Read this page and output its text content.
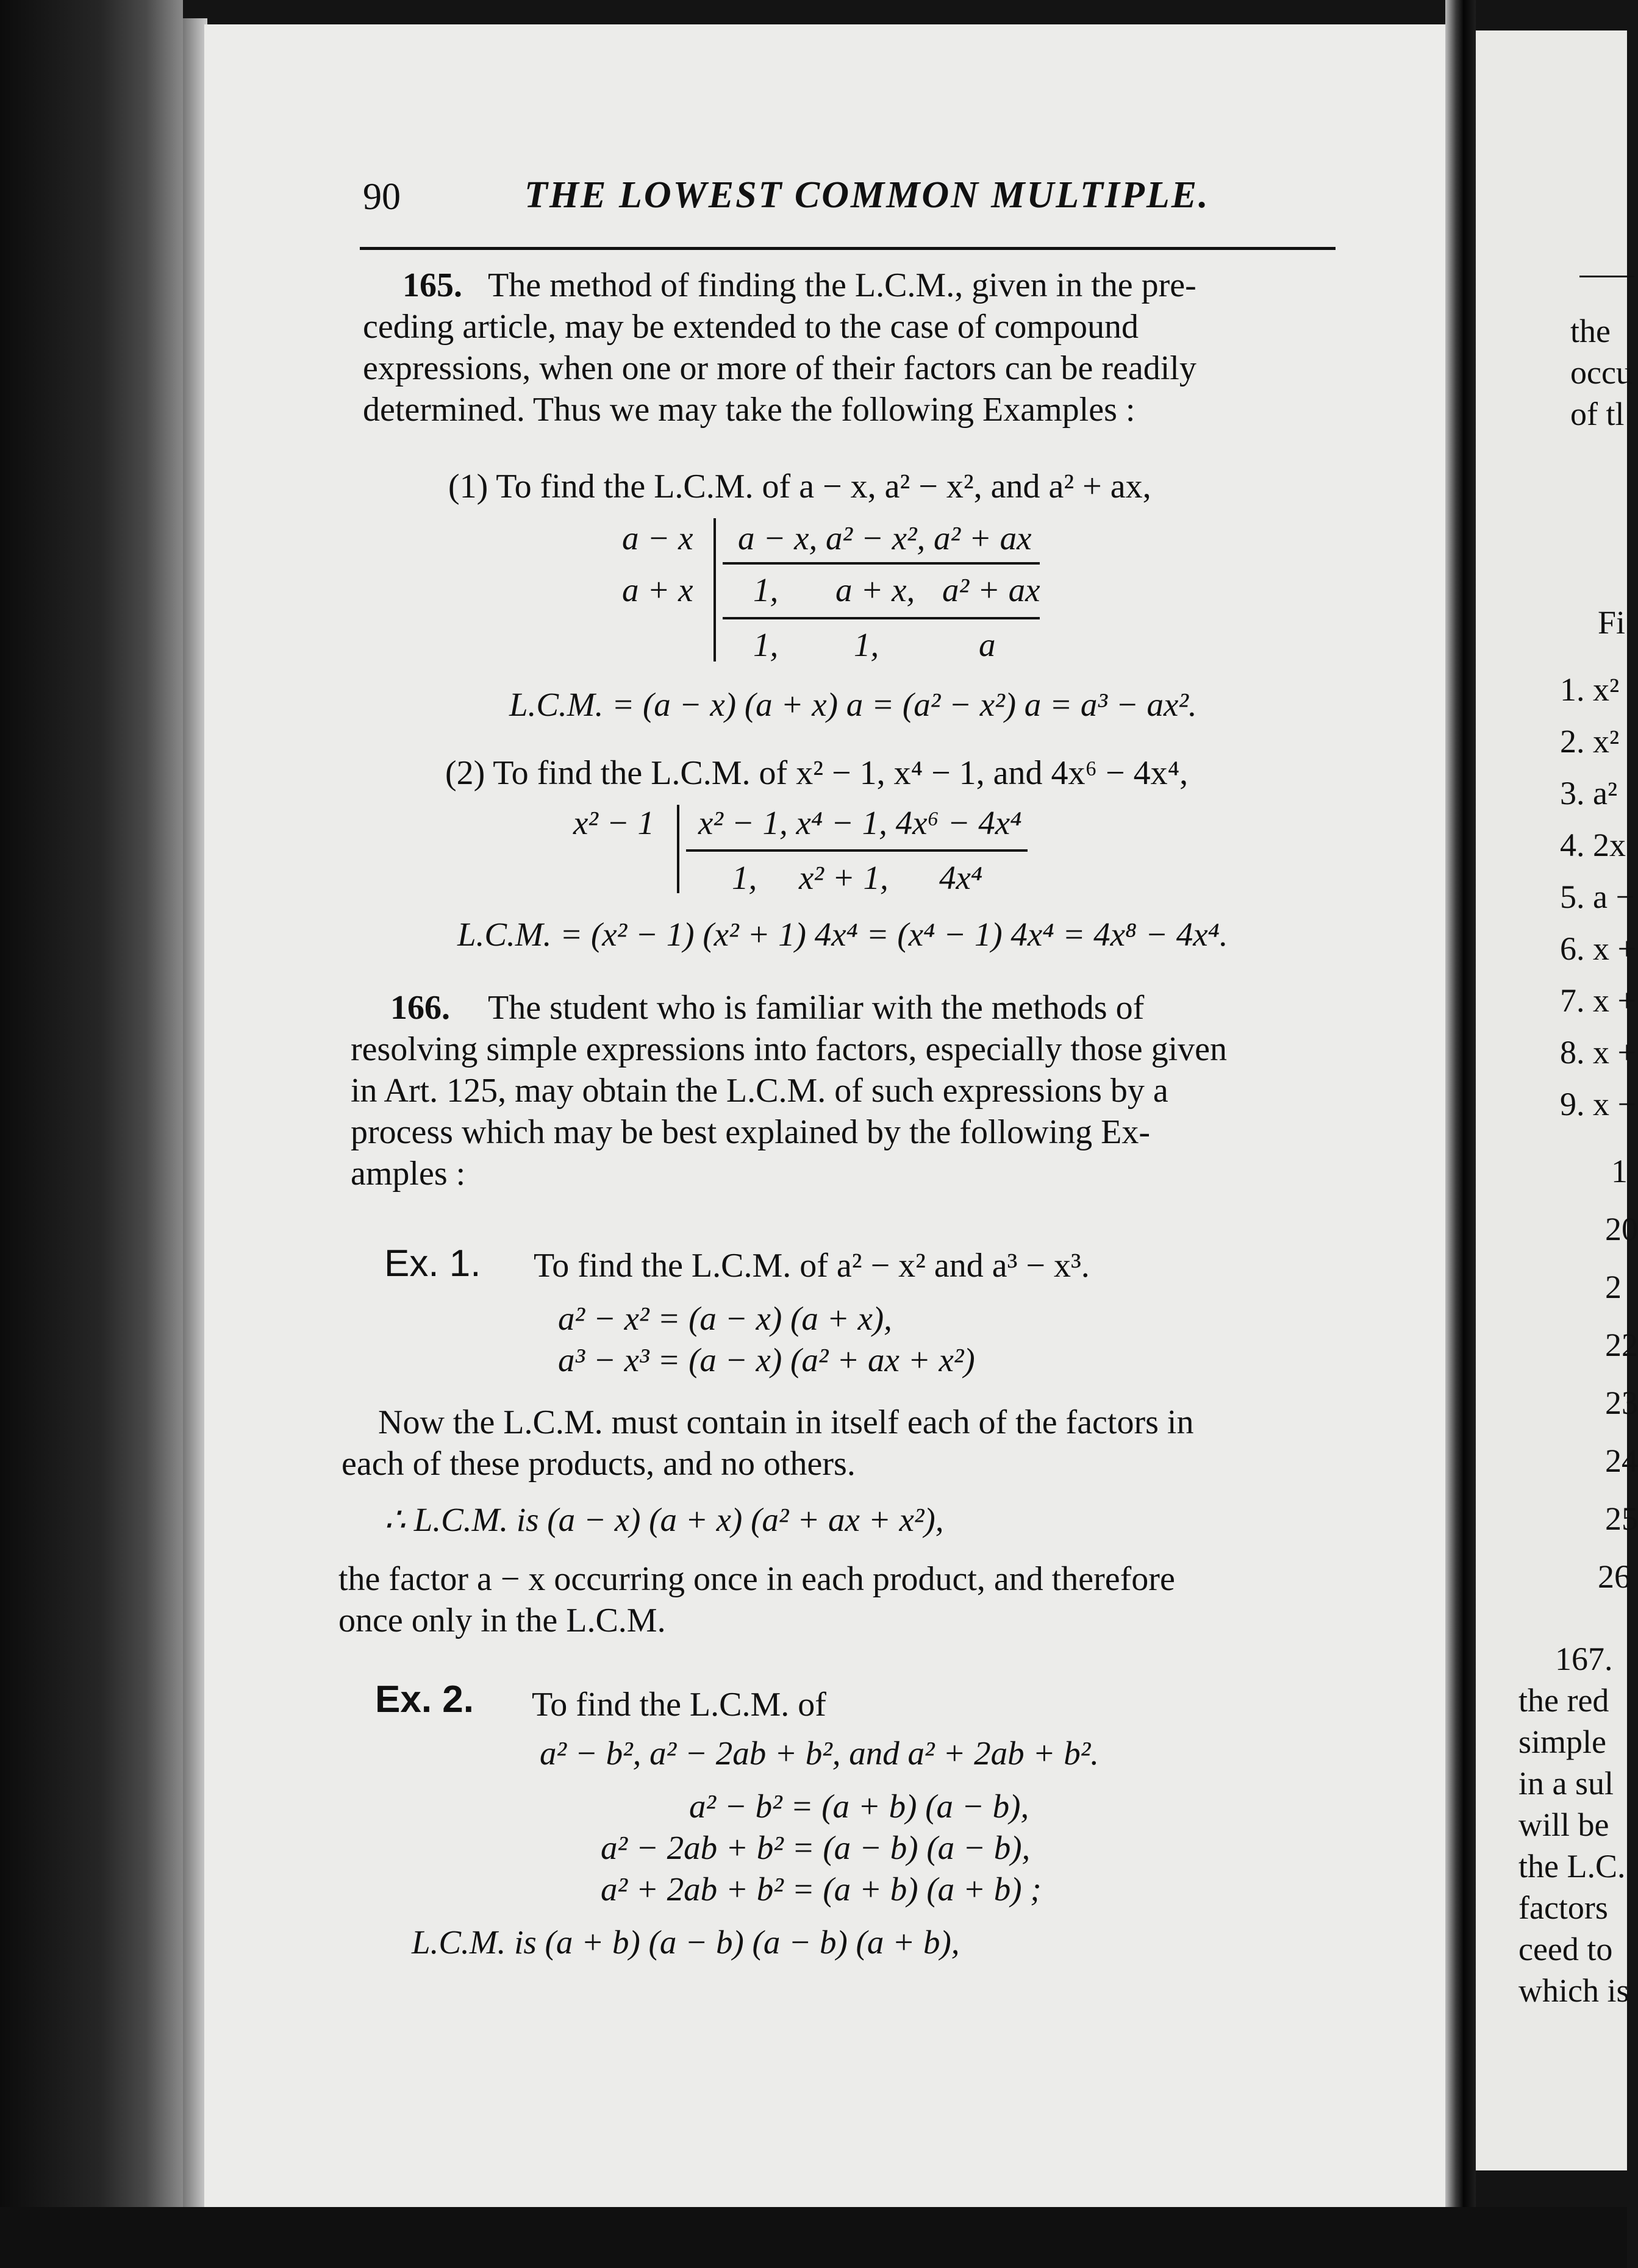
90	THE LOWEST COMMON MULTIPLE.
165. The method of finding the L.C.M., given in the pre-
ceding article, may be extended to the case of compound
expressions, when one or more of their factors can be readily
determined. Thus we may take the following Examples :
(1) To find the L.C.M. of a − x, a² − x², and a² + ax,
a − x
a + x
a − x, a² − x², a² + ax
1, a + x, a² + ax
1, 1,	a
L.C.M. = (a − x) (a + x) a = (a² − x²) a = a³ − ax².
(2) To find the L.C.M. of x² − 1, x⁴ − 1, and 4x⁶ − 4x⁴,
x² − 1 x² − 1, x⁴ − 1, 4x⁶ − 4x⁴
1, x² + 1, 4x⁴
L.C.M. = (x² − 1) (x² + 1) 4x⁴ = (x⁴ − 1) 4x⁴ = 4x⁸ − 4x⁴.
166. The student who is familiar with the methods of
resolving simple expressions into factors, especially those given
in Art. 125, may obtain the L.C.M. of such expressions by a
process which may be best explained by the following Ex-
amples :
Ex. 1. To find the L.C.M. of a² − x² and a³ − x³.
a² − x² = (a − x) (a + x),
a³ − x³ = (a − x) (a² + ax + x²)
Now the L.C.M. must contain in itself each of the factors in
each of these products, and no others.
∴ L.C.M. is (a − x) (a + x) (a² + ax + x²),
the factor a − x occurring once in each product, and therefore
once only in the L.C.M.
Ex. 2. To find the L.C.M. of
a² − b², a² − 2ab + b², and a² + 2ab + b².
a² − b² = (a + b) (a − b),
a² − 2ab + b² = (a − b) (a − b),
a² + 2ab + b² = (a + b) (a + b) ;
L.C.M. is (a + b) (a − b) (a − b) (a + b),
the
occu
of tl
Fi
1. x²
2. x²
3. a²
4. 2x
5. a −
6. x +
7. x +
8. x +
9. x −
1
20
2
22
23
24
25
26
167.
the red
simple
in a sul
will be
the L.C.
factors
ceed to
which is
